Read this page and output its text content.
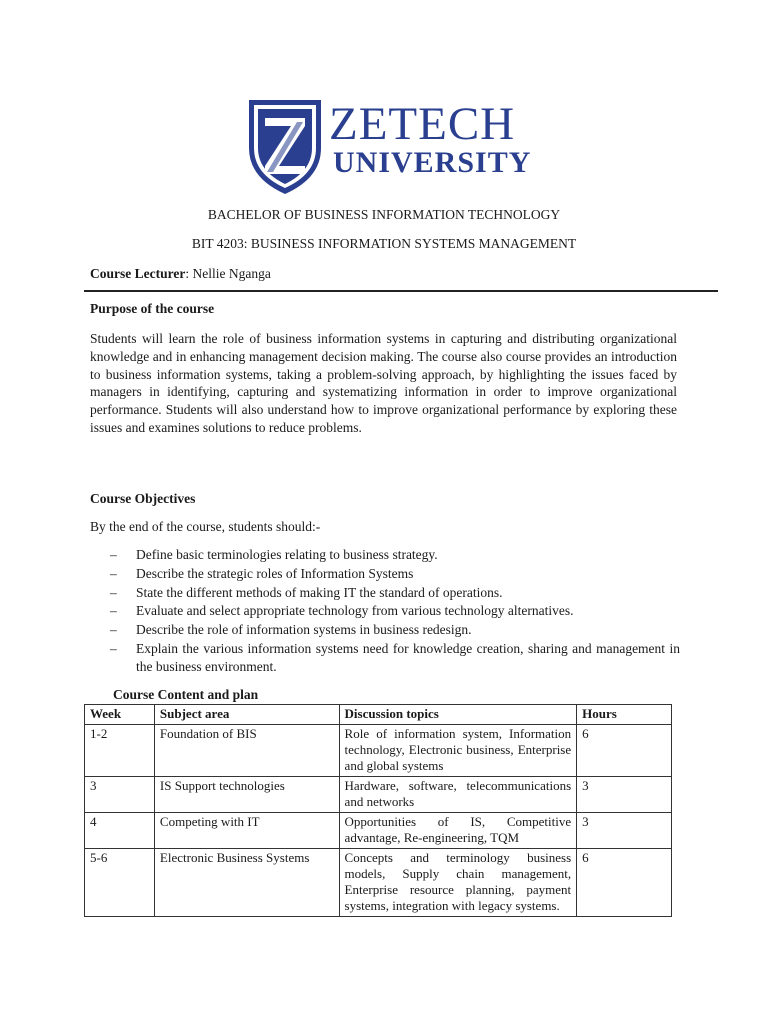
ZETECH
UNIVERSITY
BACHELOR OF BUSINESS INFORMATION TECHNOLOGY
BIT 4203: BUSINESS INFORMATION SYSTEMS MANAGEMENT
Course Lecturer: Nellie Nganga
Purpose of the course

Students will learn the role of business information systems in capturing and distributing organizational knowledge and in enhancing management decision making. The course also course provides an introduction to business information systems, taking a problem-solving approach, by highlighting the issues faced by managers in identifying, capturing and systematizing information in order to improve organizational performance. Students will also understand how to improve organizational performance by exploring these issues and examines solutions to reduce problems.

Course Objectives
By the end of the course, students should:-
– Define basic terminologies relating to business strategy.
– Describe the strategic roles of Information Systems
– State the different methods of making IT the standard of operations.
– Evaluate and select appropriate technology from various technology alternatives.
– Describe the role of information systems in business redesign.
– Explain the various information systems need for knowledge creation, sharing and management in the business environment.
Course Content and plan
Week	Subject area	Discussion topics	Hours
1-2	Foundation of BIS	Role of information system, Information technology, Electronic business, Enterprise and global systems	6
3	IS Support technologies	Hardware, software, telecommunications and networks	3
4	Competing with IT	Opportunities of IS, Competitive advantage, Re-engineering, TQM	3
5-6	Electronic Business Systems	Concepts and terminology business models, Supply chain management, Enterprise resource planning, payment systems, integration with legacy systems.	6
